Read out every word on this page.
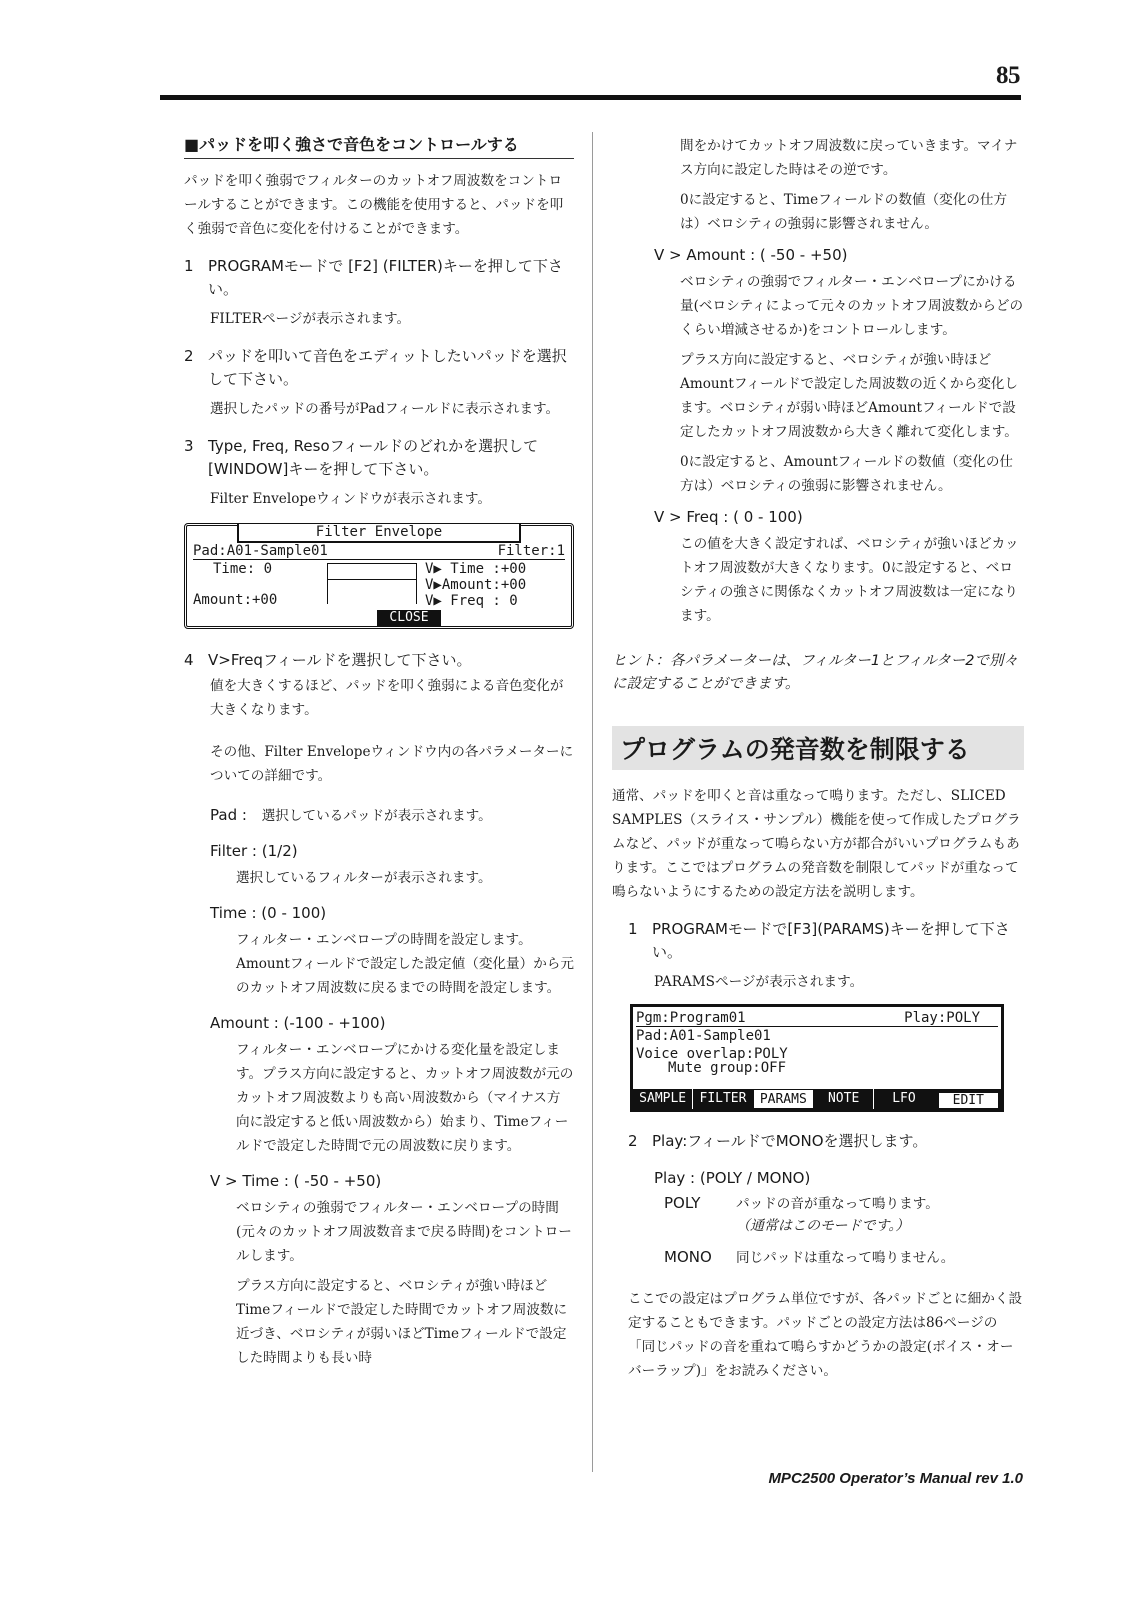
85
■パッドを叩く強さで音色をコントロールする

パッドを叩く強弱でフィルターのカットオフ周波数をコントロールすることができます。この機能を使用すると、パッドを叩く強弱で音色に変化を付けることができます。

1 PROGRAMモードで [F2] (FILTER)キーを押して下さい。

FILTERページが表示されます。

2 パッドを叩いて音色をエディットしたいパッドを選択して下さい。

選択したパッドの番号がPadフィールドに表示されます。

3 Type, Freq, Resoフィールドのどれかを選択して[WINDOW]キーを押して下さい。

Filter Envelopeウィンドウが表示されます。

Filter Envelope
Pad:A01-Sample01	Filter:1
Time: 0
Amount:+00
V▶ Time :+00
V▶Amount:+00
V▶ Freq : 0
CLOSE
4 V>Freqフィールドを選択して下さい。

値を大きくするほど、パッドを叩く強弱による音色変化が大きくなります。

その他、Filter Envelopeウィンドウ内の各パラメーターについての詳細です。

Pad : 選択しているパッドが表示されます。
Filter : (1/2)

選択しているフィルターが表示されます。

Time : (0 - 100)

フィルター・エンベロープの時間を設定します。Amountフィールドで設定した設定値（変化量）から元のカットオフ周波数に戻るまでの時間を設定します。

Amount : (-100 - +100)

フィルター・エンベロープにかける変化量を設定します。プラス方向に設定すると、カットオフ周波数が元のカットオフ周波数よりも高い周波数から（マイナス方向に設定すると低い周波数から）始まり、Timeフィールドで設定した時間で元の周波数に戻ります。

V > Time : ( -50 - +50)

ベロシティの強弱でフィルター・エンベロープの時間(元々のカットオフ周波数音まで戻る時間)をコントロールします。

プラス方向に設定すると、ベロシティが強い時ほどTimeフィールドで設定した時間でカットオフ周波数に近づき、ベロシティが弱いほどTimeフィールドで設定した時間よりも長い時

間をかけてカットオフ周波数に戻っていきます。マイナス方向に設定した時はその逆です。

0に設定すると、Timeフィールドの数値（変化の仕方は）ベロシティの強弱に影響されません。

V > Amount : ( -50 - +50)

ベロシティの強弱でフィルター・エンベロープにかける量(ベロシティによって元々のカットオフ周波数からどのくらい増減させるか)をコントロールします。

プラス方向に設定すると、ベロシティが強い時ほどAmountフィールドで設定した周波数の近くから変化します。ベロシティが弱い時ほどAmountフィールドで設定したカットオフ周波数から大きく離れて変化します。

0に設定すると、Amountフィールドの数値（変化の仕方は）ベロシティの強弱に影響されません。

V > Freq : ( 0 - 100)

この値を大きく設定すれば、ベロシティが強いほどカットオフ周波数が大きくなります。0に設定すると、ベロシティの強さに関係なくカットオフ周波数は一定になります。

ヒント：各パラメーターは、フィルター1とフィルター2で別々に設定することができます。

プログラムの発音数を制限する

通常、パッドを叩くと音は重なって鳴ります。ただし、SLICED SAMPLES（スライス・サンプル）機能を使って作成したプログラムなど、パッドが重なって鳴らない方が都合がいいプログラムもあります。ここではプログラムの発音数を制限してパッドが重なって鳴らないようにするための設定方法を説明します。

1 PROGRAMモードで[F3](PARAMS)キーを押して下さい。

PARAMSページが表示されます。

Pgm:Program01	Play:POLY
Pad:A01-Sample01
Voice overlap:POLY
Mute group:OFF
SAMPLE	FILTER	PARAMS	NOTE	LFO	EDIT
2 Play:フィールドでMONOを選択します。
Play : (POLY / MONO)
POLY	パッドの音が重なって鳴ります。
（通常はこのモードです。）
MONO	同じパッドは重なって鳴りません。

ここでの設定はプログラム単位ですが、各パッドごとに細かく設定することもできます。パッドごとの設定方法は86ページの「同じパッドの音を重ねて鳴らすかどうかの設定(ボイス・オーバーラップ)」をお読みください。

MPC2500 Operator’s Manual rev 1.0
